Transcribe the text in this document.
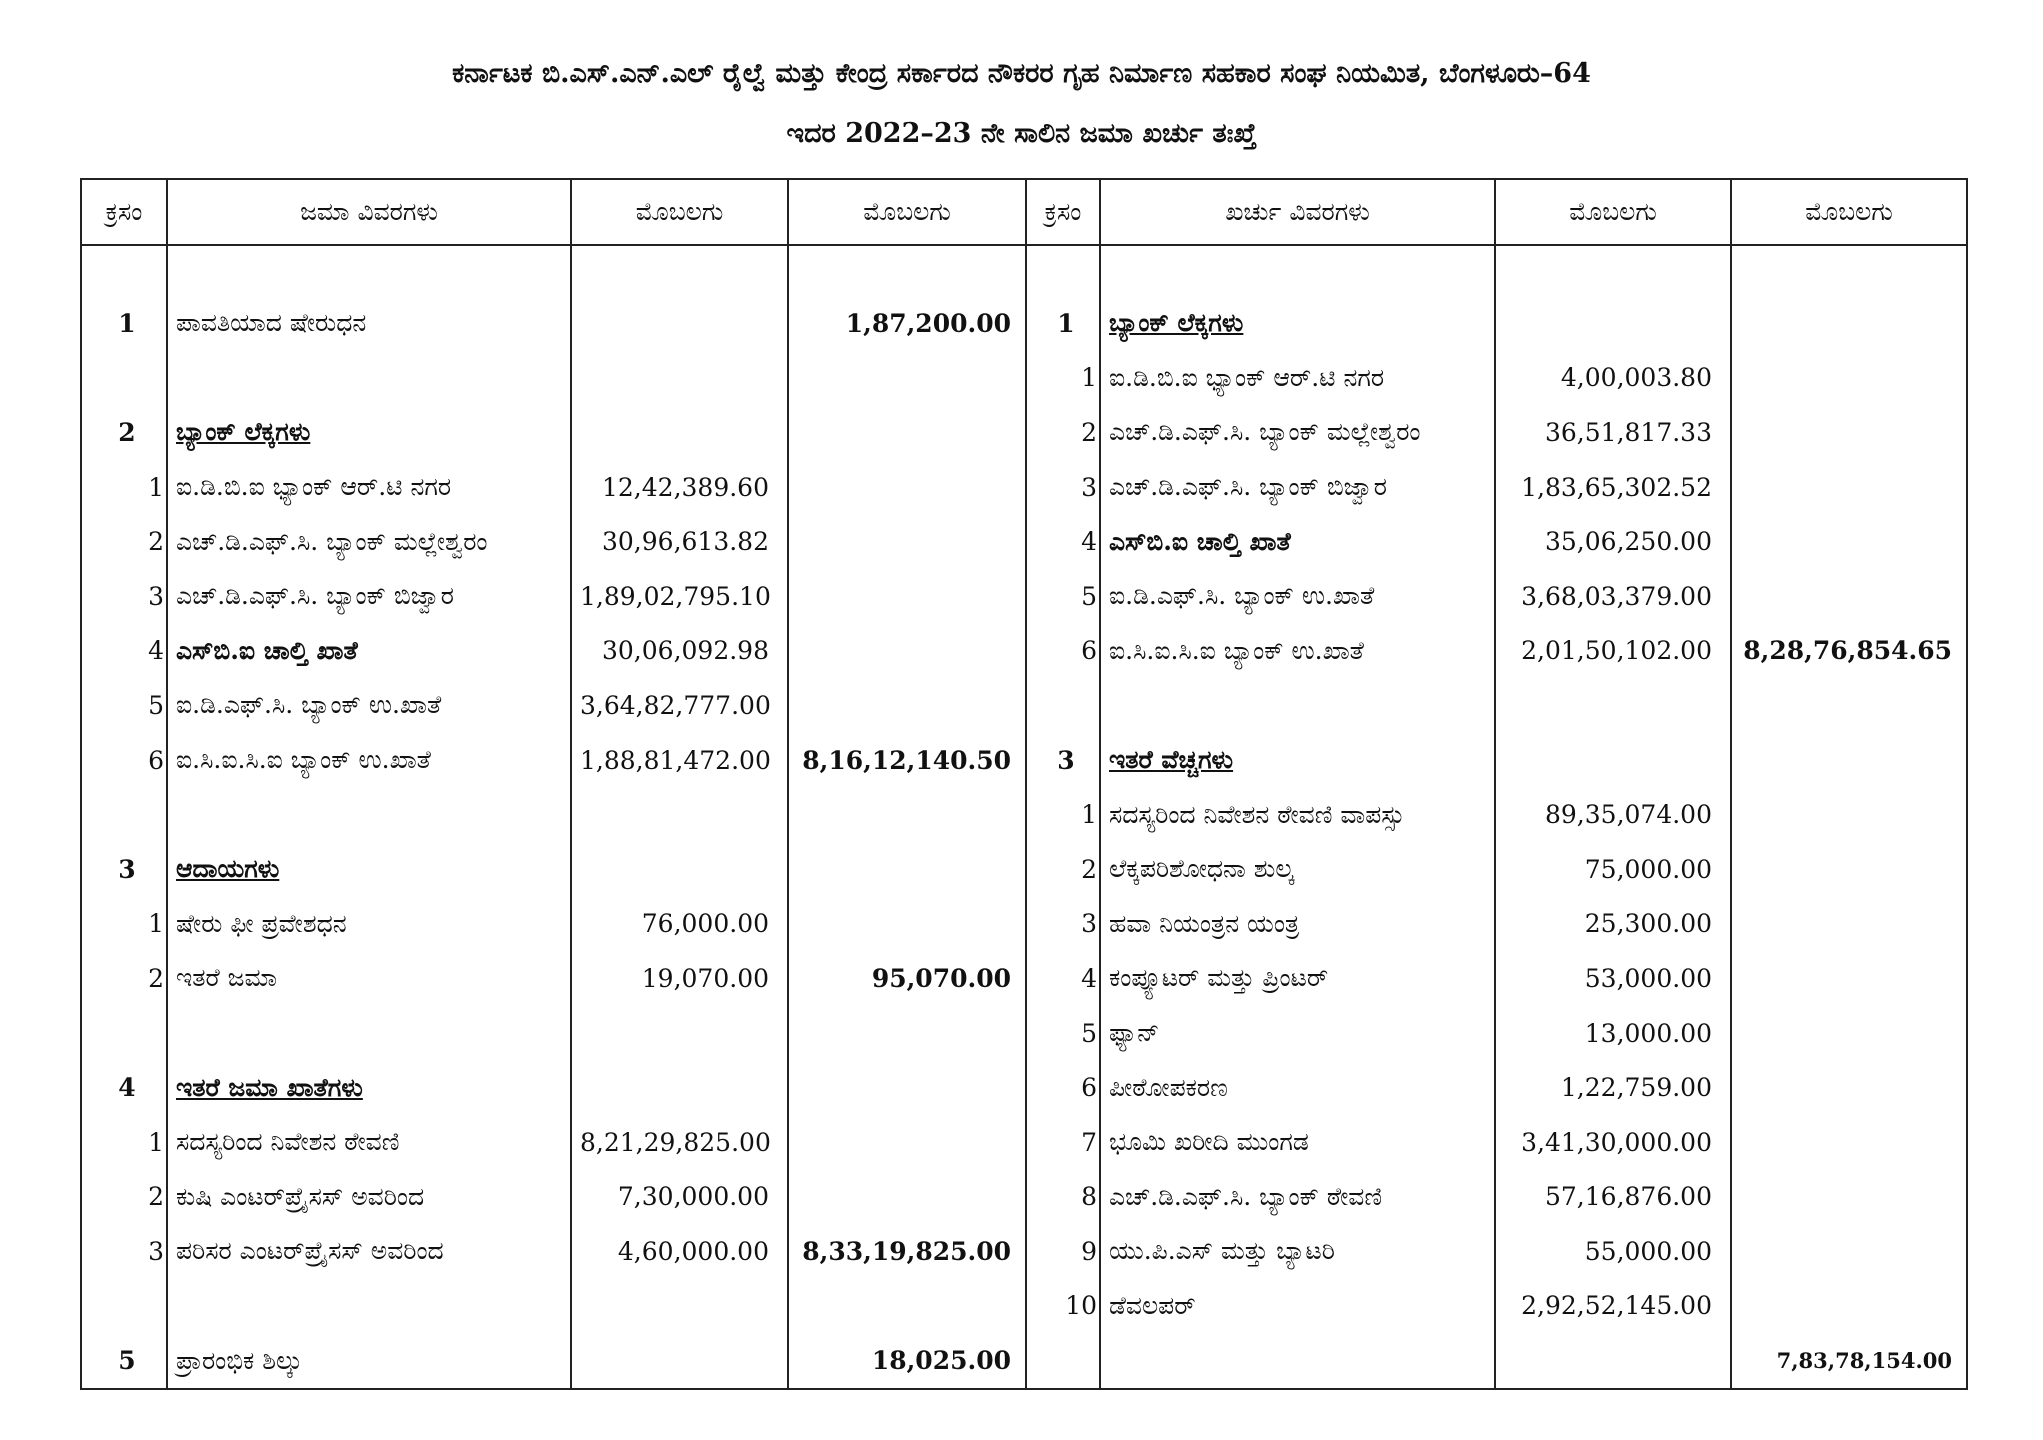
ಕರ್ನಾಟಕ ಬಿ.ಎಸ್.ಎನ್.ಎಲ್ ರೈಲ್ವೆ ಮತ್ತು ಕೇಂದ್ರ ಸರ್ಕಾರದ ನೌಕರರ ಗೃಹ ನಿರ್ಮಾಣ ಸಹಕಾರ ಸಂಘ ನಿಯಮಿತ, ಬೆಂಗಳೂರು–64
ಇದರ 2022–23 ನೇ ಸಾಲಿನ ಜಮಾ ಖರ್ಚು ತಃಖ್ತೆ
ಕ್ರಸಂ	ಜಮಾ ವಿವರಗಳು	ಮೊಬಲಗು	ಮೊಬಲಗು	ಕ್ರಸಂ	ಖರ್ಚು ವಿವರಗಳು	ಮೊಬಲಗು	ಮೊಬಲಗು

1	ಪಾವತಿಯಾದ ಷೇರುಧನ		1,87,200.00	1	ಬ್ಯಾಂಕ್ ಲೆಕ್ಕಗಳು		
				1	ಐ.ಡಿ.ಬಿ.ಐ ಭ್ಯಾಂಕ್ ಆರ್.ಟಿ ನಗರ	4,00,003.80	
2	ಬ್ಯಾಂಕ್ ಲೆಕ್ಕಗಳು			2	ಎಚ್.ಡಿ.ಎಫ್.ಸಿ. ಬ್ಯಾಂಕ್ ಮಲ್ಲೇಶ್ವರಂ	36,51,817.33	
1	ಐ.ಡಿ.ಬಿ.ಐ ಭ್ಯಾಂಕ್ ಆರ್.ಟಿ ನಗರ	12,42,389.60		3	ಎಚ್.ಡಿ.ಎಫ್.ಸಿ. ಬ್ಯಾಂಕ್ ಬಿಜ್ವಾರ	1,83,65,302.52	
2	ಎಚ್.ಡಿ.ಎಫ್.ಸಿ. ಬ್ಯಾಂಕ್ ಮಲ್ಲೇಶ್ವರಂ	30,96,613.82		4	ಎಸ್‌ಬಿ.ಐ ಚಾಲ್ತಿ ಖಾತೆ	35,06,250.00	
3	ಎಚ್.ಡಿ.ಎಫ್.ಸಿ. ಬ್ಯಾಂಕ್ ಬಿಜ್ವಾರ	1,89,02,795.10		5	ಐ.ಡಿ.ಎಫ್.ಸಿ. ಬ್ಯಾಂಕ್ ಉ.ಖಾತೆ	3,68,03,379.00	
4	ಎಸ್‌ಬಿ.ಐ ಚಾಲ್ತಿ ಖಾತೆ	30,06,092.98		6	ಐ.ಸಿ.ಐ.ಸಿ.ಐ ಬ್ಯಾಂಕ್ ಉ.ಖಾತೆ	2,01,50,102.00	8,28,76,854.65
5	ಐ.ಡಿ.ಎಫ್.ಸಿ. ಬ್ಯಾಂಕ್ ಉ.ಖಾತೆ	3,64,82,777.00					
6	ಐ.ಸಿ.ಐ.ಸಿ.ಐ ಬ್ಯಾಂಕ್ ಉ.ಖಾತೆ	1,88,81,472.00	8,16,12,140.50	3	ಇತರೆ ವೆಚ್ಚಗಳು		
				1	ಸದಸ್ಯರಿಂದ ನಿವೇಶನ ಠೇವಣಿ ವಾಪಸ್ಸು	89,35,074.00	
3	ಆದಾಯಗಳು			2	ಲೆಕ್ಕಪರಿಶೋಧನಾ ಶುಲ್ಕ	75,000.00	
1	ಷೇರು ಫೀ ಪ್ರವೇಶಧನ	76,000.00		3	ಹವಾ ನಿಯಂತ್ರನ ಯಂತ್ರ	25,300.00	
2	ಇತರೆ ಜಮಾ	19,070.00	95,070.00	4	ಕಂಪ್ಯೂಟರ್ ಮತ್ತು ಪ್ರಿಂಟರ್	53,000.00	
				5	ಫ್ಯಾನ್	13,000.00	
4	ಇತರೆ ಜಮಾ ಖಾತೆಗಳು			6	ಪೀಠೋಪಕರಣ	1,22,759.00	
1	ಸದಸ್ಯರಿಂದ ನಿವೇಶನ ಠೇವಣಿ	8,21,29,825.00		7	ಭೂಮಿ ಖರೀದಿ ಮುಂಗಡ	3,41,30,000.00	
2	ಕುಷಿ ಎಂಟರ್‌ಪ್ರೈಸಸ್ ಅವರಿಂದ	7,30,000.00		8	ಎಚ್.ಡಿ.ಎಫ್.ಸಿ. ಬ್ಯಾಂಕ್ ಠೇವಣಿ	57,16,876.00	
3	ಪರಿಸರ ಎಂಟರ್‌ಪ್ರೈಸಸ್ ಅವರಿಂದ	4,60,000.00	8,33,19,825.00	9	ಯು.ಪಿ.ಎಸ್ ಮತ್ತು ಬ್ಯಾಟರಿ	55,000.00	
				10	ಡೆವಲಪರ್	2,92,52,145.00	
5	ಪ್ರಾರಂಭಿಕ ಶಿಲ್ಕು		18,025.00				7,83,78,154.00
